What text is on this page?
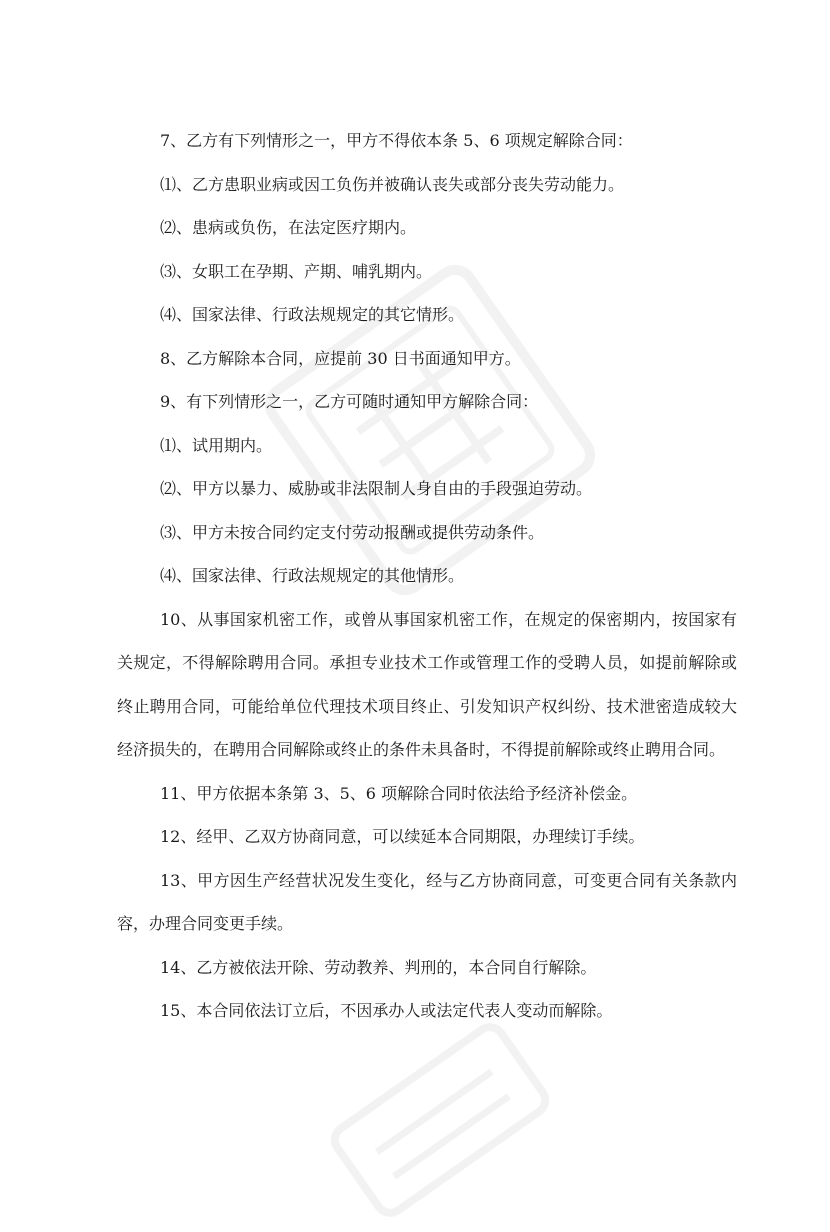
7、乙方有下列情形之一，甲方不得依本条 5、6 项规定解除合同：

⑴、乙方患职业病或因工负伤并被确认丧失或部分丧失劳动能力。

⑵、患病或负伤，在法定医疗期内。

⑶、女职工在孕期、产期、哺乳期内。

⑷、国家法律、行政法规规定的其它情形。

8、乙方解除本合同，应提前 30 日书面通知甲方。

9、有下列情形之一，乙方可随时通知甲方解除合同：

⑴、试用期内。

⑵、甲方以暴力、威胁或非法限制人身自由的手段强迫劳动。

⑶、甲方未按合同约定支付劳动报酬或提供劳动条件。

⑷、国家法律、行政法规规定的其他情形。

10、从事国家机密工作，或曾从事国家机密工作，在规定的保密期内，按国家有关规定，不得解除聘用合同。承担专业技术工作或管理工作的受聘人员，如提前解除或终止聘用合同，可能给单位代理技术项目终止、引发知识产权纠纷、技术泄密造成较大经济损失的，在聘用合同解除或终止的条件未具备时，不得提前解除或终止聘用合同。

11、甲方依据本条第 3、5、6 项解除合同时依法给予经济补偿金。

12、经甲、乙双方协商同意，可以续延本合同期限，办理续订手续。

13、甲方因生产经营状况发生变化，经与乙方协商同意，可变更合同有关条款内容，办理合同变更手续。

14、乙方被依法开除、劳动教养、判刑的，本合同自行解除。

15、本合同依法订立后，不因承办人或法定代表人变动而解除。
